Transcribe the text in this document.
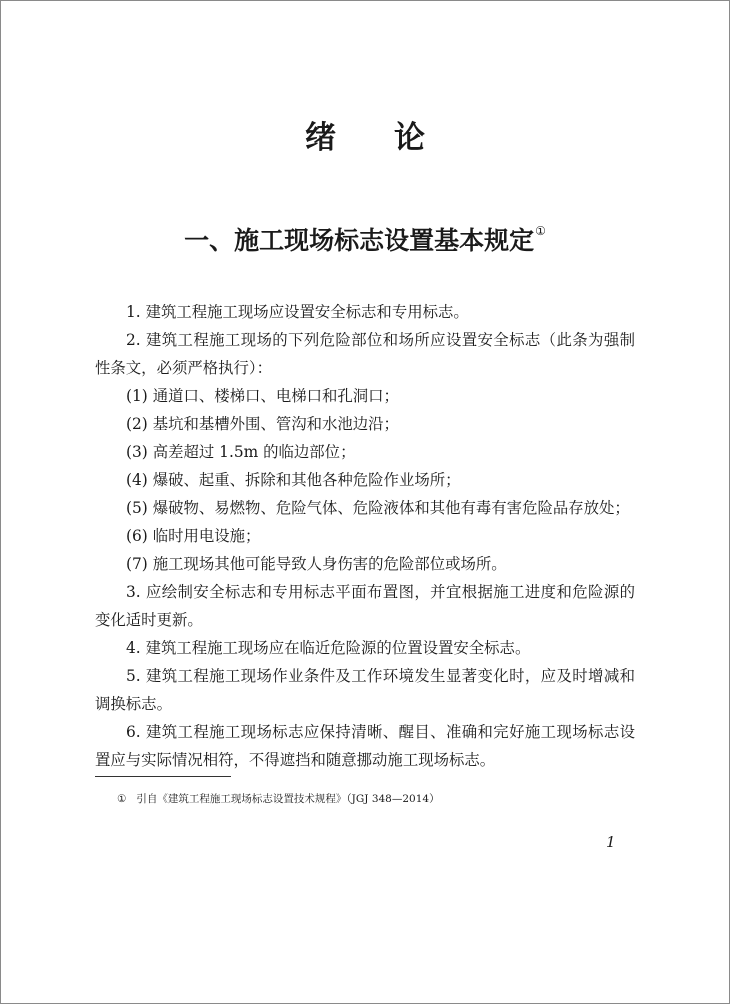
绪论
一、施工现场标志设置基本规定①

1. 建筑工程施工现场应设置安全标志和专用标志。

2. 建筑工程施工现场的下列危险部位和场所应设置安全标志（此条为强制性条文，必须严格执行）：

(1) 通道口、楼梯口、电梯口和孔洞口；

(2) 基坑和基槽外围、管沟和水池边沿；

(3) 高差超过 1.5m 的临边部位；

(4) 爆破、起重、拆除和其他各种危险作业场所；

(5) 爆破物、易燃物、危险气体、危险液体和其他有毒有害危险品存放处；

(6) 临时用电设施；

(7) 施工现场其他可能导致人身伤害的危险部位或场所。

3. 应绘制安全标志和专用标志平面布置图，并宜根据施工进度和危险源的变化适时更新。

4. 建筑工程施工现场应在临近危险源的位置设置安全标志。

5. 建筑工程施工现场作业条件及工作环境发生显著变化时，应及时增减和调换标志。

6. 建筑工程施工现场标志应保持清晰、醒目、准确和完好施工现场标志设置应与实际情况相符，不得遮挡和随意挪动施工现场标志。

① 引自《建筑工程施工现场标志设置技术规程》（JGJ 348—2014）
1
